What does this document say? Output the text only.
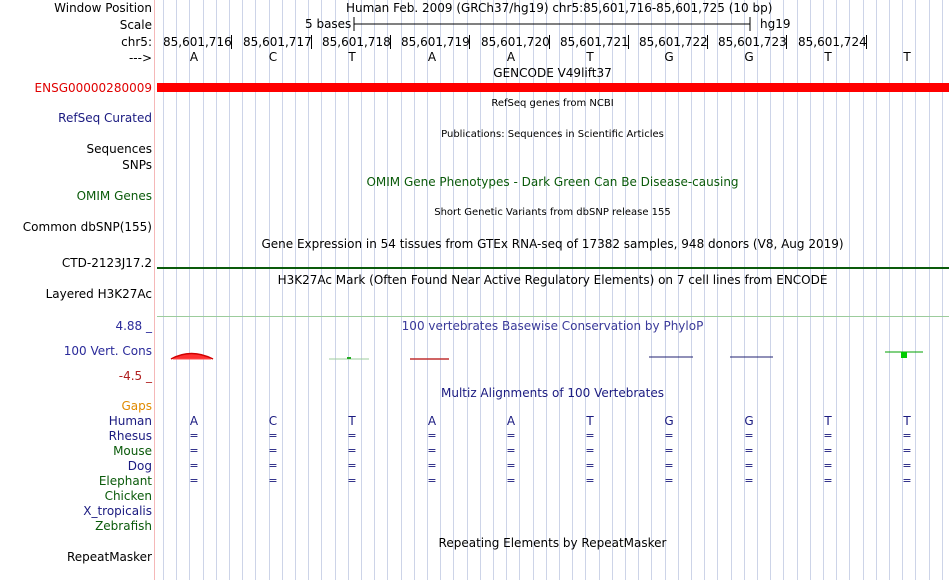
Window Position	Human Feb. 2009 (GRCh37/hg19) chr5:85,601,716-85,601,725 (10 bp)
Scale	5 bases	hg19
chr5: 85,601,716 85,601,717 85,601,718 85,601,719 85,601,720 85,601,721 85,601,722 85,601,723 85,601,724
--->	A	C	T	A	A	T	G	G	T	T
GENCODE V49lift37
ENSG00000280009
RefSeq genes from NCBI
RefSeq Curated
Publications: Sequences in Scientific Articles
Sequences
SNPs
OMIM Gene Phenotypes - Dark Green Can Be Disease-causing
OMIM Genes
Short Genetic Variants from dbSNP release 155
Common dbSNP(155)
Gene Expression in 54 tissues from GTEx RNA-seq of 17382 samples, 948 donors (V8, Aug 2019)
CTD-2123J17.2
H3K27Ac Mark (Often Found Near Active Regulatory Elements) on 7 cell lines from ENCODE
Layered H3K27Ac
100 vertebrates Basewise Conservation by PhyloP
4.88 _
100 Vert. Cons
-4.5 _
Multiz Alignments of 100 Vertebrates
Gaps
Human	A	C	T	A	A	T	G	G	T	T
Rhesus	=	=	=	=	=	=	=	=	=	=
Mouse	=	=	=	=	=	=	=	=	=	=
Dog	=	=	=	=	=	=	=	=	=	=
Elephant	=	=	=	=	=	=	=	=	=	=
Chicken
X_tropicalis
Zebrafish
Repeating Elements by RepeatMasker
RepeatMasker
